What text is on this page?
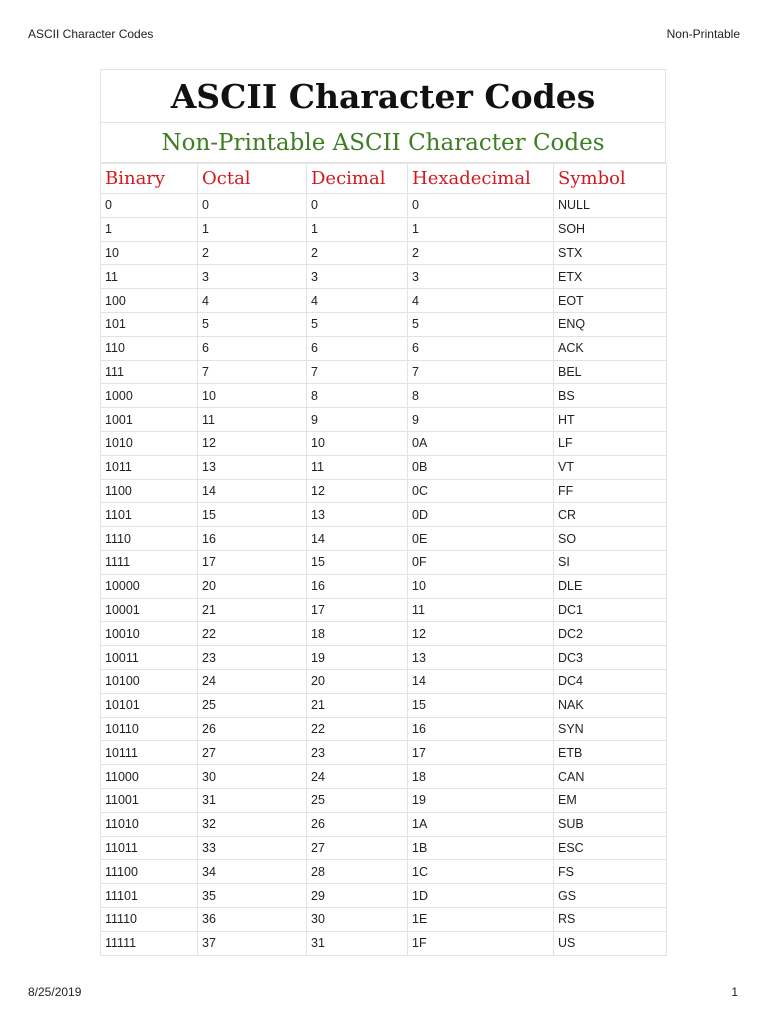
ASCII Character Codes	Non-Printable
ASCII Character Codes
Non-Printable ASCII Character Codes
Binary	Octal	Decimal	Hexadecimal	Symbol
0	0	0	0	NULL
1	1	1	1	SOH
10	2	2	2	STX
11	3	3	3	ETX
100	4	4	4	EOT
101	5	5	5	ENQ
110	6	6	6	ACK
111	7	7	7	BEL
1000	10	8	8	BS
1001	11	9	9	HT
1010	12	10	0A	LF
1011	13	11	0B	VT
1100	14	12	0C	FF
1101	15	13	0D	CR
1110	16	14	0E	SO
1111	17	15	0F	SI
10000	20	16	10	DLE
10001	21	17	11	DC1
10010	22	18	12	DC2
10011	23	19	13	DC3
10100	24	20	14	DC4
10101	25	21	15	NAK
10110	26	22	16	SYN
10111	27	23	17	ETB
11000	30	24	18	CAN
11001	31	25	19	EM
11010	32	26	1A	SUB
11011	33	27	1B	ESC
11100	34	28	1C	FS
11101	35	29	1D	GS
11110	36	30	1E	RS
11111	37	31	1F	US
8/25/2019	1
